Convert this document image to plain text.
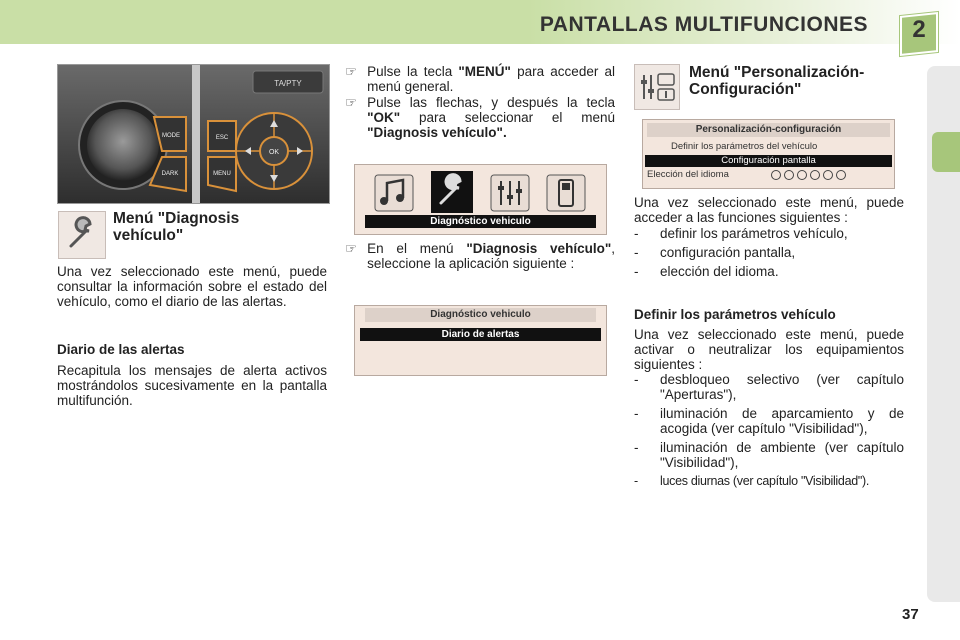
PANTALLAS MULTIFUNCIONES	2
TA/PTY
MODE
DARK
ESC
MENU
OK
Menú "Diagnosis vehículo"
Una vez seleccionado este menú, puede consultar la información sobre el estado del vehículo, como el diario de las alertas.
Diario de las alertas
Recapitula los mensajes de alerta activos mostrándolos sucesivamente en la pantalla multifunción.
☞ Pulse la tecla "MENÚ" para acceder al menú general.
☞ Pulse las flechas, y después la tecla "OK" para seleccionar el menú "Diagnosis vehículo".
Diagnóstico vehiculo
☞ En el menú "Diagnosis vehículo", seleccione la aplicación siguiente :
Diagnóstico vehiculo
Diario de alertas
Menú "Personalización-Configuración"
Personalización-configuración
Definir los parámetros del vehículo
Configuración pantalla
Elección del idioma
Una vez seleccionado este menú, puede acceder a las funciones siguientes :
-	definir los parámetros vehículo,
-	configuración pantalla,
-	elección del idioma.
Definir los parámetros vehículo
Una vez seleccionado este menú, puede activar o neutralizar los equipamientos siguientes :
-	desbloqueo selectivo (ver capítulo "Aperturas"),
-	iluminación de aparcamiento y de acogida (ver capítulo "Visibilidad"),
-	iluminación de ambiente (ver capítulo "Visibilidad"),
-	luces diurnas (ver capítulo "Visibilidad").
37
